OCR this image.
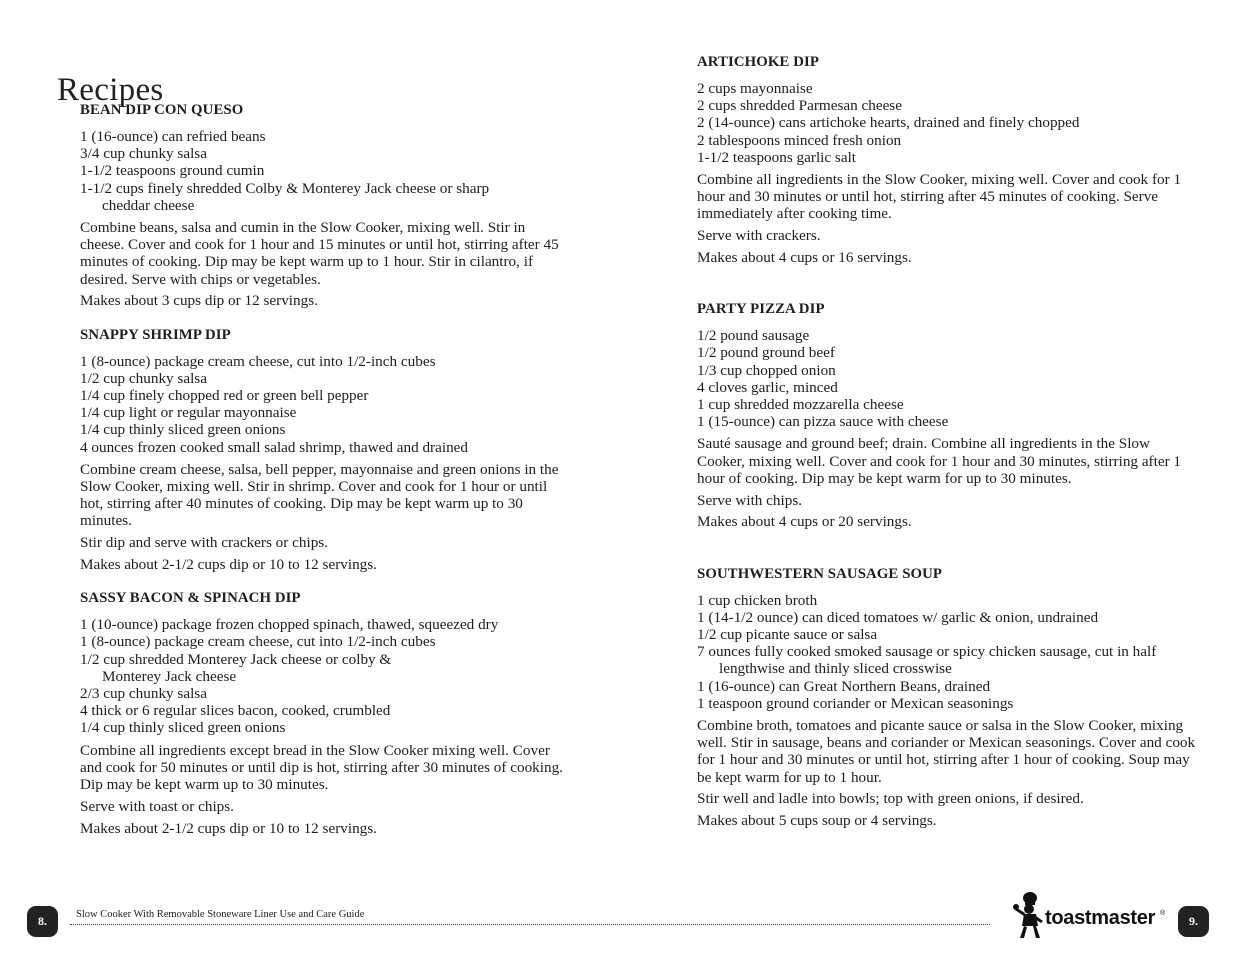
Recipes
BEAN DIP CON QUESO
1 (16-ounce) can refried beans
3/4 cup chunky salsa
1-1/2 teaspoons ground cumin
1-1/2 cups finely shredded Colby & Monterey Jack cheese or sharp cheddar cheese

Combine beans, salsa and cumin in the Slow Cooker, mixing well. Stir in cheese. Cover and cook for 1 hour and 15 minutes or until hot, stirring after 45 minutes of cooking. Dip may be kept warm up to 1 hour. Stir in cilantro, if desired. Serve with chips or vegetables.

Makes about 3 cups dip or 12 servings.

SNAPPY SHRIMP DIP
1 (8-ounce) package cream cheese, cut into 1/2-inch cubes
1/2 cup chunky salsa
1/4 cup finely chopped red or green bell pepper
1/4 cup light or regular mayonnaise
1/4 cup thinly sliced green onions
4 ounces frozen cooked small salad shrimp, thawed and drained

Combine cream cheese, salsa, bell pepper, mayonnaise and green onions in the Slow Cooker, mixing well. Stir in shrimp. Cover and cook for 1 hour or until hot, stirring after 40 minutes of cooking. Dip may be kept warm up to 30 minutes.

Stir dip and serve with crackers or chips.

Makes about 2-1/2 cups dip or 10 to 12 servings.

SASSY BACON & SPINACH DIP
1 (10-ounce) package frozen chopped spinach, thawed, squeezed dry
1 (8-ounce) package cream cheese, cut into 1/2-inch cubes
1/2 cup shredded Monterey Jack cheese or colby & Monterey Jack cheese
2/3 cup chunky salsa
4 thick or 6 regular slices bacon, cooked, crumbled
1/4 cup thinly sliced green onions

Combine all ingredients except bread in the Slow Cooker mixing well. Cover and cook for 50 minutes or until dip is hot, stirring after 30 minutes of cooking. Dip may be kept warm up to 30 minutes.

Serve with toast or chips.

Makes about 2-1/2 cups dip or 10 to 12 servings.

ARTICHOKE DIP
2 cups mayonnaise
2 cups shredded Parmesan cheese
2 (14-ounce) cans artichoke hearts, drained and finely chopped
2 tablespoons minced fresh onion
1-1/2 teaspoons garlic salt

Combine all ingredients in the Slow Cooker, mixing well. Cover and cook for 1 hour and 30 minutes or until hot, stirring after 45 minutes of cooking. Serve immediately after cooking time.

Serve with crackers.

Makes about 4 cups or 16 servings.

PARTY PIZZA DIP
1/2 pound sausage
1/2 pound ground beef
1/3 cup chopped onion
4 cloves garlic, minced
1 cup shredded mozzarella cheese
1 (15-ounce) can pizza sauce with cheese

Sauté sausage and ground beef; drain. Combine all ingredients in the Slow Cooker, mixing well. Cover and cook for 1 hour and 30 minutes, stirring after 1 hour of cooking. Dip may be kept warm for up to 30 minutes.

Serve with chips.

Makes about 4 cups or 20 servings.

SOUTHWESTERN SAUSAGE SOUP
1 cup chicken broth
1 (14-1/2 ounce) can diced tomatoes w/ garlic & onion, undrained
1/2 cup picante sauce or salsa
7 ounces fully cooked smoked sausage or spicy chicken sausage, cut in half lengthwise and thinly sliced crosswise
1 (16-ounce) can Great Northern Beans, drained
1 teaspoon ground coriander or Mexican seasonings

Combine broth, tomatoes and picante sauce or salsa in the Slow Cooker, mixing well. Stir in sausage, beans and coriander or Mexican seasonings. Cover and cook for 1 hour and 30 minutes or until hot, stirring after 1 hour of cooking. Soup may be kept warm for up to 1 hour.

Stir well and ladle into bowls; top with green onions, if desired.

Makes about 5 cups soup or 4 servings.

8.	Slow Cooker With Removable Stoneware Liner Use and Care Guide	toastmaster ®
9.
